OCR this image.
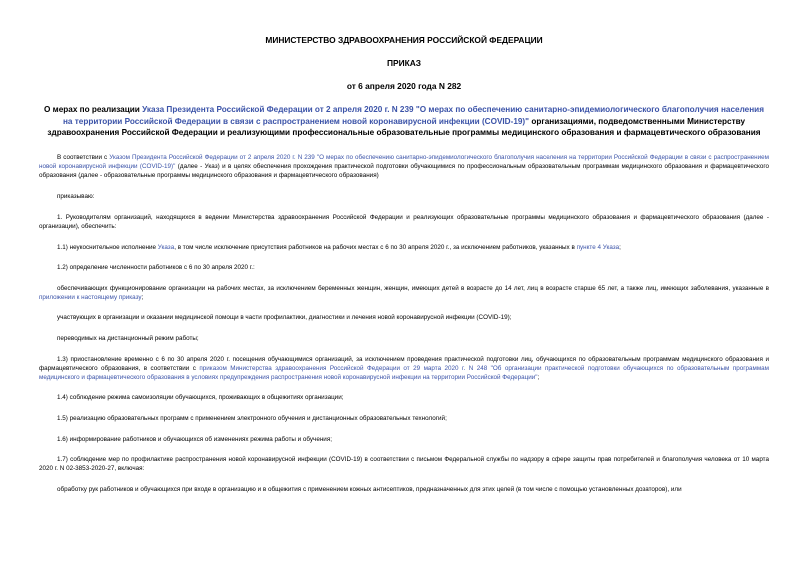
МИНИСТЕРСТВО ЗДРАВООХРАНЕНИЯ РОССИЙСКОЙ ФЕДЕРАЦИИ
ПРИКАЗ
от 6 апреля 2020 года N 282
О мерах по реализации Указа Президента Российской Федерации от 2 апреля 2020 г. N 239 "О мерах по обеспечению санитарно-эпидемиологического благополучия населения на территории Российской Федерации в связи с распространением новой коронавирусной инфекции (COVID-19)" организациями, подведомственными Министерству здравоохранения Российской Федерации и реализующими профессиональные образовательные программы медицинского образования и фармацевтического образования
В соответствии с Указом Президента Российской Федерации от 2 апреля 2020 г. N 239 "О мерах по обеспечению санитарно-эпидемиологического благополучия населения на территории Российской Федерации в связи с распространением новой коронавирусной инфекции (COVID-19)" (далее - Указ) и в целях обеспечения прохождения практической подготовки обучающимися по профессиональным образовательным программам медицинского образования и фармацевтического образования (далее - образовательные программы медицинского образования и фармацевтического образования)
приказываю:
1. Руководителям организаций, находящихся в ведении Министерства здравоохранения Российской Федерации и реализующих образовательные программы медицинского образования и фармацевтического образования (далее - организации), обеспечить:
1.1) неукоснительное исполнение Указа, в том числе исключение присутствия работников на рабочих местах с 6 по 30 апреля 2020 г., за исключением работников, указанных в пункте 4 Указа;
1.2) определение численности работников с 6 по 30 апреля 2020 г.:
обеспечивающих функционирование организации на рабочих местах, за исключением беременных женщин, женщин, имеющих детей в возрасте до 14 лет, лиц в возрасте старше 65 лет, а также лиц, имеющих заболевания, указанные в приложении к настоящему приказу;
участвующих в организации и оказании медицинской помощи в части профилактики, диагностики и лечения новой коронавирусной инфекции (COVID-19);
переводимых на дистанционный режим работы;
1.3) приостановление временно с 6 по 30 апреля 2020 г. посещения обучающимися организаций, за исключением проведения практической подготовки лиц, обучающихся по образовательным программам медицинского образования и фармацевтического образования, в соответствии с приказом Министерства здравоохранения Российской Федерации от 29 марта 2020 г. N 248 "Об организации практической подготовки обучающихся по образовательным программам медицинского и фармацевтического образования в условиях предупреждения распространения новой коронавирусной инфекции на территории Российской Федерации";
1.4) соблюдение режима самоизоляции обучающихся, проживающих в общежитиях организации;
1.5) реализацию образовательных программ с применением электронного обучения и дистанционных образовательных технологий;
1.6) информирование работников и обучающихся об изменениях режима работы и обучения;
1.7) соблюдение мер по профилактике распространения новой коронавирусной инфекции (COVID-19) в соответствии с письмом Федеральной службы по надзору в сфере защиты прав потребителей и благополучия человека от 10 марта 2020 г. N 02-3853-2020-27, включая:
обработку рук работников и обучающихся при входе в организацию и в общежития с применением кожных антисептиков, предназначенных для этих целей (в том числе с помощью установленных дозаторов), или
